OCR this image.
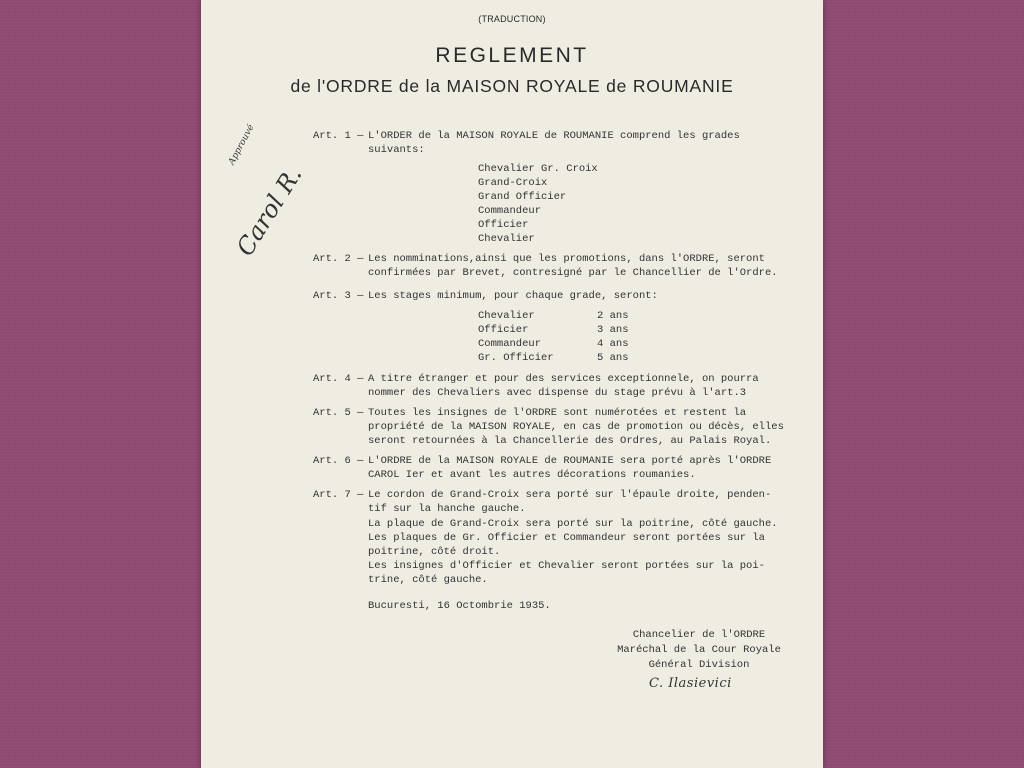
(TRADUCTION)
REGLEMENT
de l'ORDRE de la MAISON ROYALE de ROUMANIE
Approuvé
Carol R.
Art. 1 — L'ORDER de la MAISON ROYALE de ROUMANIE comprend les grades
suivants:
Chevalier Gr. Croix
Grand-Croix
Grand Officier
Commandeur
Officier
Chevalier
Art. 2 — Les nomminations,ainsi que les promotions, dans l'ORDRE, seront
confirmées par Brevet, contresigné par le Chancellier de l'Ordre.
Art. 3 — Les stages minimum, pour chaque grade, seront:
Chevalier	2 ans
Officier	3 ans
Commandeur	4 ans
Gr. Officier	5 ans
Art. 4 — A titre étranger et pour des services exceptionnele, on pourra
nommer des Chevaliers avec dispense du stage prévu à l'art.3
Art. 5 — Toutes les insignes de l'ORDRE sont numérotées et restent la
propriété de la MAISON ROYALE, en cas de promotion ou décès, elles
seront retournées à la Chancellerie des Ordres, au Palais Royal.
Art. 6 — L'ORDRE de la MAISON ROYALE de ROUMANIE sera porté après l'ORDRE
CAROL Ier et avant les autres décorations roumanies.
Art. 7 — Le cordon de Grand-Croix sera porté sur l'épaule droite, penden-
tif sur la hanche gauche.
La plaque de Grand-Croix sera porté sur la poitrine, côté gauche.
Les plaques de Gr. Officier et Commandeur seront portées sur la
poitrine, côté droit.
Les insignes d'Officier et Chevalier seront portées sur la poi-
trine, côté gauche.
Bucuresti, 16 Octombrie 1935.
Chancelier de l'ORDRE
Maréchal de la Cour Royale
Général Division
C. Ilasievici
